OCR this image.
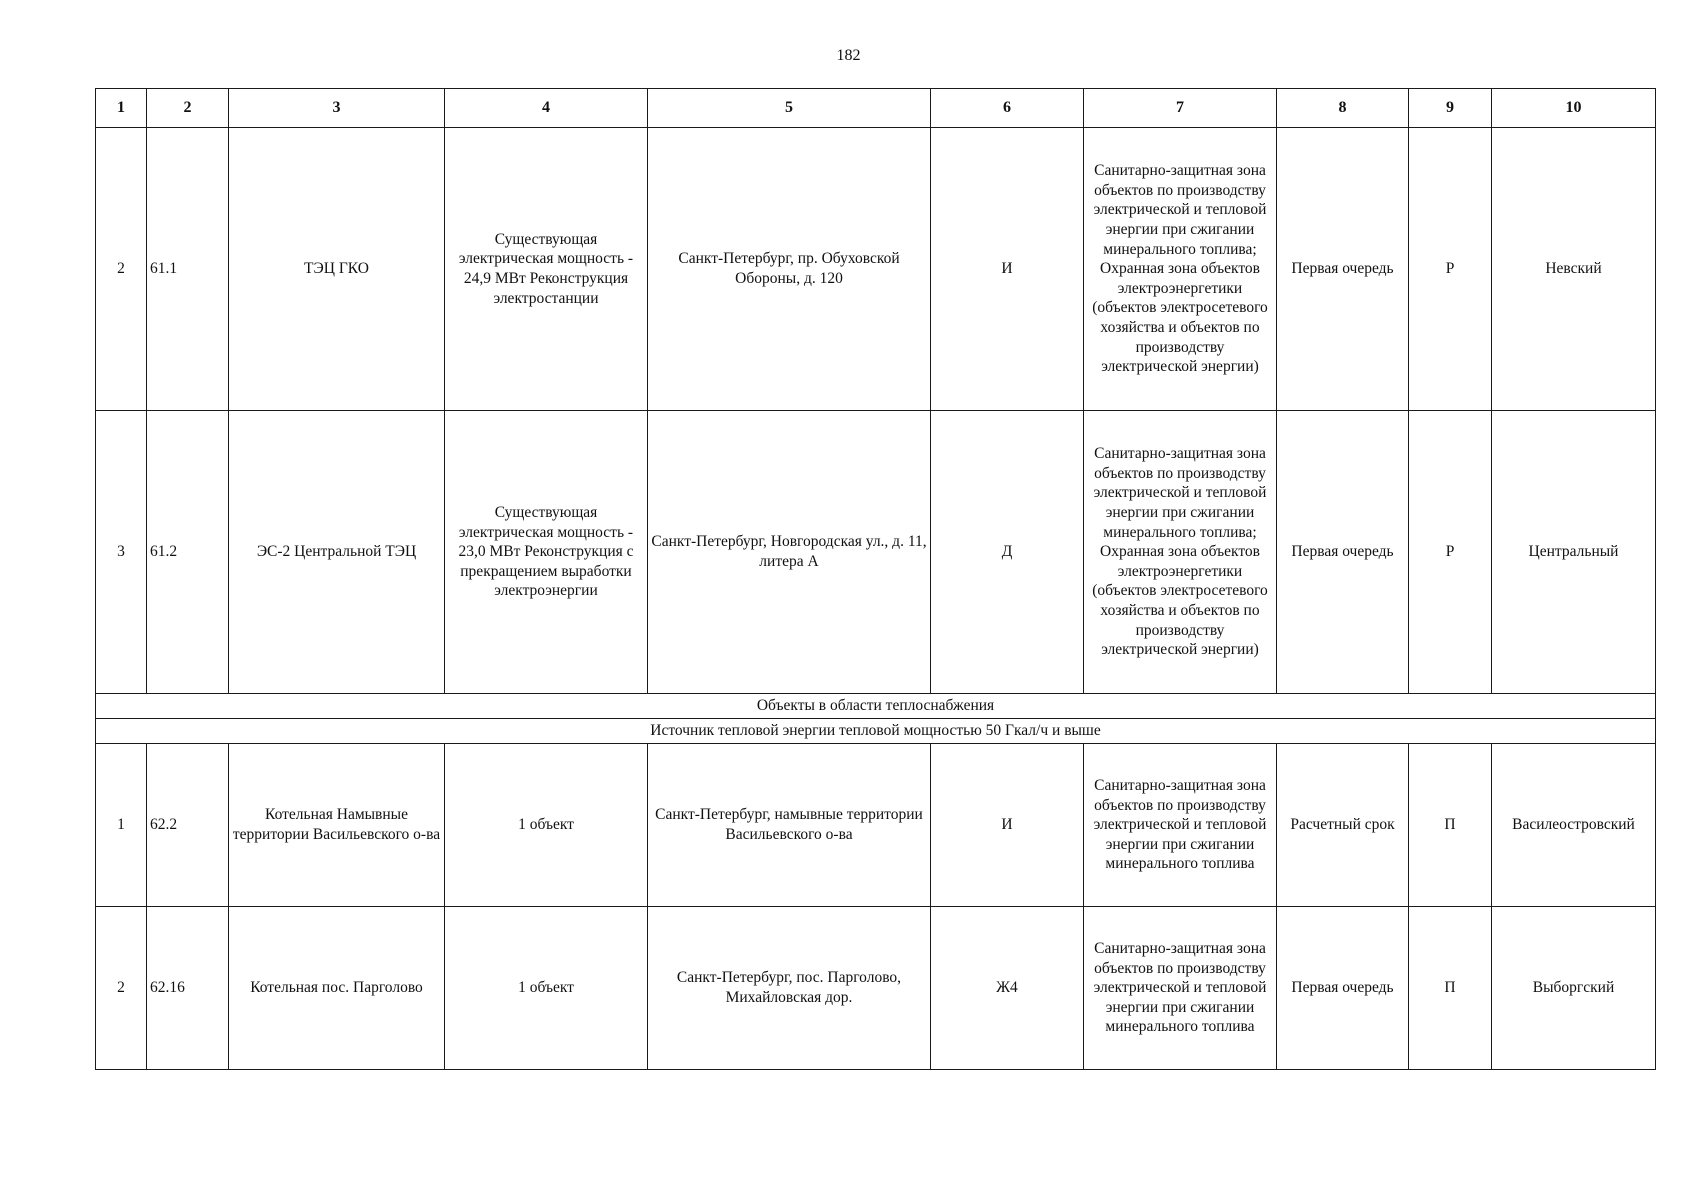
182
1	2	3	4	5	6	7	8	9	10
2	61.1	ТЭЦ ГКО	Существующая электрическая мощность - 24,9 МВт Реконструкция электростанции	Санкт-Петербург, пр. Обуховской Обороны, д. 120	И	Санитарно-защитная зона объектов по производству электрической и тепловой энергии при сжигании минерального топлива; Охранная зона объектов электроэнергетики (объектов электросетевого хозяйства и объектов по производству электрической энергии)	Первая очередь	Р	Невский
3	61.2	ЭС-2 Центральной ТЭЦ	Существующая электрическая мощность - 23,0 МВт Реконструкция с прекращением выработки электроэнергии	Санкт-Петербург, Новгородская ул., д. 11, литера А	Д	Санитарно-защитная зона объектов по производству электрической и тепловой энергии при сжигании минерального топлива; Охранная зона объектов электроэнергетики (объектов электросетевого хозяйства и объектов по производству электрической энергии)	Первая очередь	Р	Центральный
Объекты в области теплоснабжения									
Источник тепловой энергии тепловой мощностью 50 Гкал/ч и выше									
1	62.2	Котельная Намывные территории Васильевского о-ва	1 объект	Санкт-Петербург, намывные территории Васильевского о-ва	И	Санитарно-защитная зона объектов по производству электрической и тепловой энергии при сжигании минерального топлива	Расчетный срок	П	Василеостровский
2	62.16	Котельная пос. Парголово	1 объект	Санкт-Петербург, пос. Парголово, Михайловская дор.	Ж4	Санитарно-защитная зона объектов по производству электрической и тепловой энергии при сжигании минерального топлива	Первая очередь	П	Выборгский
